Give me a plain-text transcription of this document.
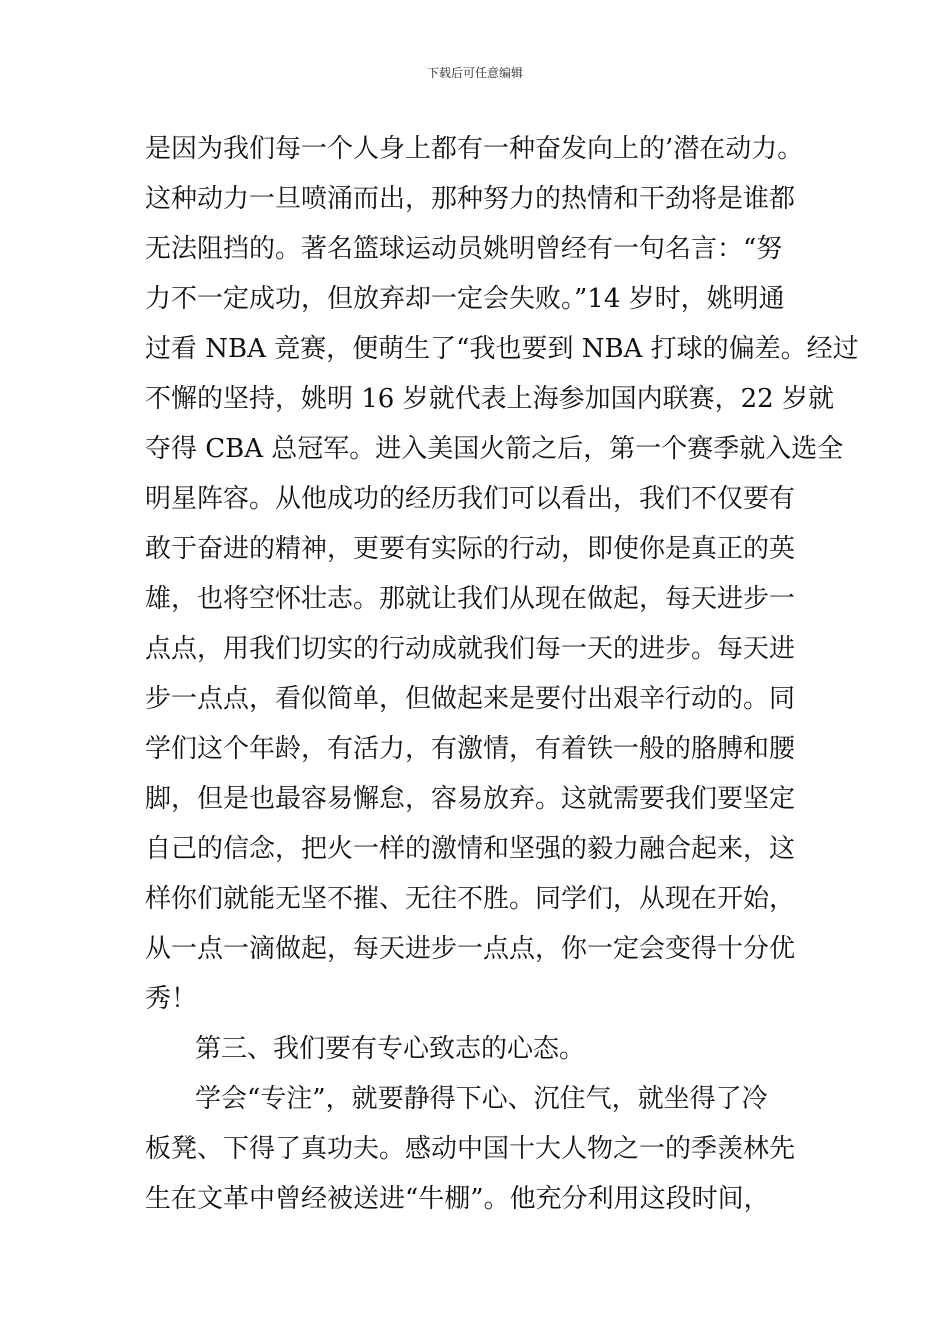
下载后可任意编辑
是因为我们每一个人身上都有一种奋发向上的’潜在动力。
这种动力一旦喷涌而出，那种努力的热情和干劲将是谁都
无法阻挡的。著名篮球运动员姚明曾经有一句名言：“努
力不一定成功，但放弃却一定会失败。”14 岁时，姚明通
过看 NBA 竞赛，便萌生了“我也要到 NBA 打球的偏差。经过
不懈的坚持，姚明 16 岁就代表上海参加国内联赛，22 岁就
夺得 CBA 总冠军。进入美国火箭之后，第一个赛季就入选全
明星阵容。从他成功的经历我们可以看出，我们不仅要有
敢于奋进的精神，更要有实际的行动，即使你是真正的英
雄，也将空怀壮志。那就让我们从现在做起，每天进步一
点点，用我们切实的行动成就我们每一天的进步。每天进
步一点点，看似简单，但做起来是要付出艰辛行动的。同
学们这个年龄，有活力，有激情，有着铁一般的胳膊和腰
脚，但是也最容易懈怠，容易放弃。这就需要我们要坚定
自己的信念，把火一样的激情和坚强的毅力融合起来，这
样你们就能无坚不摧、无往不胜。同学们，从现在开始，
从一点一滴做起，每天进步一点点，你一定会变得十分优
秀！
第三、我们要有专心致志的心态。
学会“专注”，就要静得下心、沉住气，就坐得了冷
板凳、下得了真功夫。感动中国十大人物之一的季羡林先
生在文革中曾经被送进“牛棚”。他充分利用这段时间，
